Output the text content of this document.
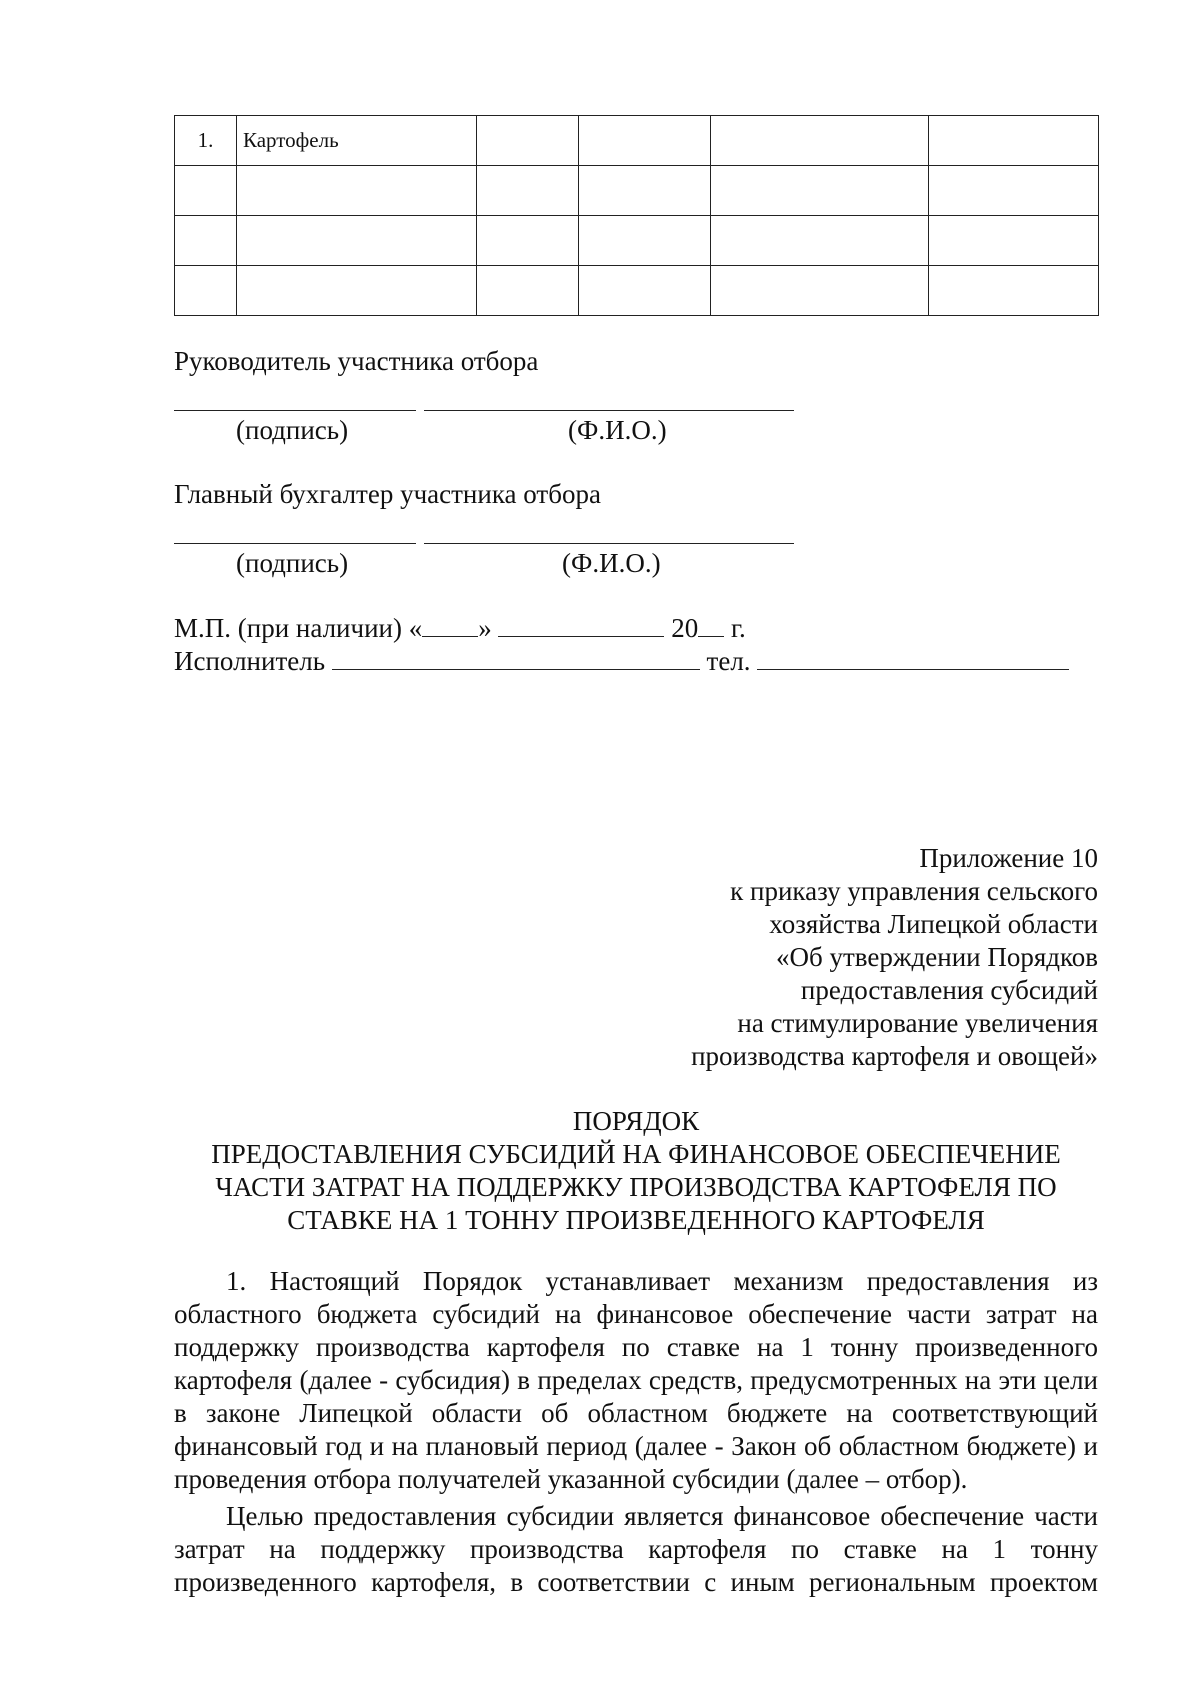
1.	Картофель				

Руководитель участника отбора
(подпись)	(Ф.И.О.)
Главный бухгалтер участника отбора
(подпись)	(Ф.И.О.)
М.П. (при наличии) « »	20 г.
Исполнитель	тел.
Приложение 10
к приказу управления сельского
хозяйства Липецкой области
«Об утверждении Порядков
предоставления субсидий
на стимулирование увеличения
производства картофеля и овощей»
ПОРЯДОК
ПРЕДОСТАВЛЕНИЯ СУБСИДИЙ НА ФИНАНСОВОЕ ОБЕСПЕЧЕНИЕ
ЧАСТИ ЗАТРАТ НА ПОДДЕРЖКУ ПРОИЗВОДСТВА КАРТОФЕЛЯ ПО
СТАВКЕ НА 1 ТОННУ ПРОИЗВЕДЕННОГО КАРТОФЕЛЯ

1. Настоящий Порядок устанавливает механизм предоставления из областного бюджета субсидий на финансовое обеспечение части затрат на поддержку производства картофеля по ставке на 1 тонну произведенного картофеля (далее - субсидия) в пределах средств, предусмотренных на эти цели в законе Липецкой области об областном бюджете на соответствующий финансовый год и на плановый период (далее - Закон об областном бюджете) и проведения отбора получателей указанной субсидии (далее – отбор).

Целью предоставления субсидии является финансовое обеспечение части затрат на поддержку производства картофеля по ставке на 1 тонну произведенного картофеля, в соответствии с иным региональным проектом
